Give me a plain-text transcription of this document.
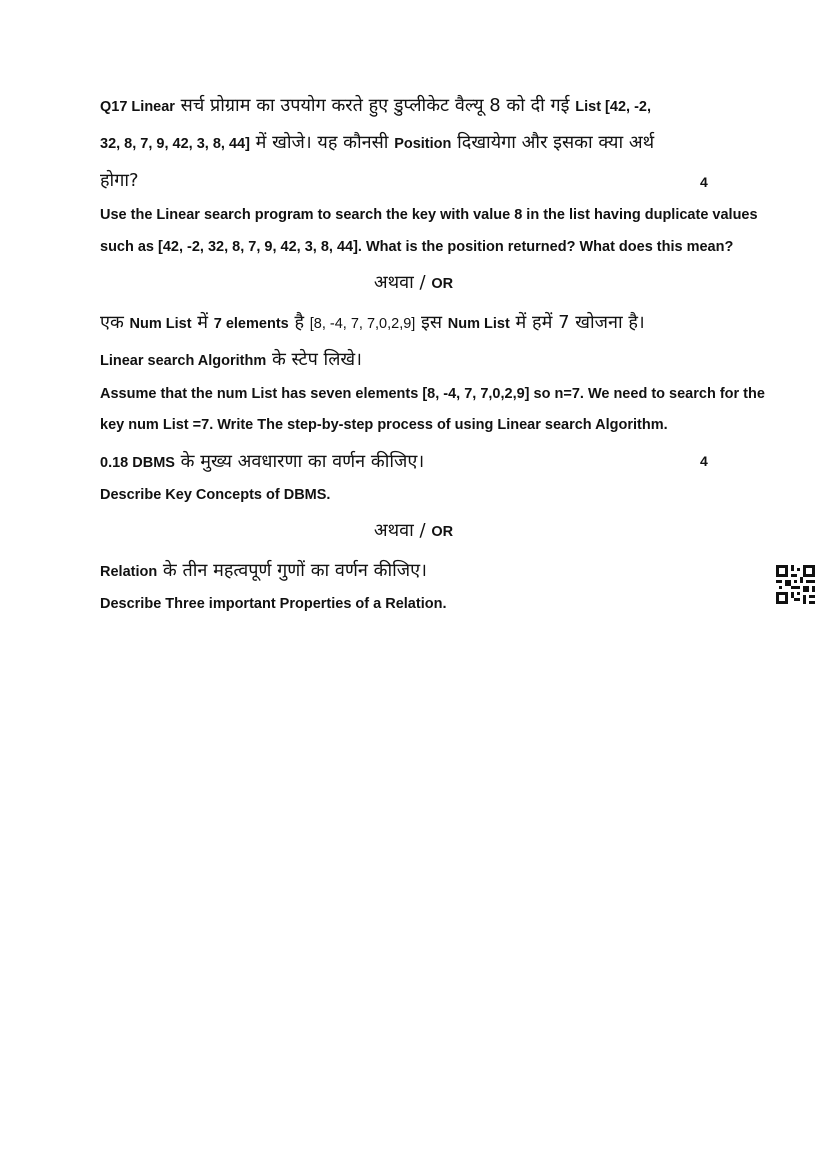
Q17 Linear सर्च प्रोग्राम का उपयोग करते हुए डुप्लीकेट वैल्यू 8 को दी गई List [42, -2,
32, 8, 7, 9, 42, 3, 8, 44] में खोजे। यह कौनसी Position दिखायेगा और इसका क्या अर्थ
होगा?	4
Use the Linear search program to search the key with value 8 in the list having duplicate values
such as [42, -2, 32, 8, 7, 9, 42, 3, 8, 44]. What is the position returned? What does this mean?
अथवा / OR
एक Num List में 7 elements है [8, -4, 7, 7,0,2,9] इस Num List में हमें 7 खोजना है।
Linear search Algorithm के स्टेप लिखे।
Assume that the num List has seven elements [8, -4, 7, 7,0,2,9] so n=7. We need to search for the
key num List =7. Write The step-by-step process of using Linear search Algorithm.
0.18 DBMS के मुख्य अवधारणा का वर्णन कीजिए।	4
Describe Key Concepts of DBMS.
अथवा / OR
Relation के तीन महत्वपूर्ण गुणों का वर्णन कीजिए।
Describe Three important Properties of a Relation.
